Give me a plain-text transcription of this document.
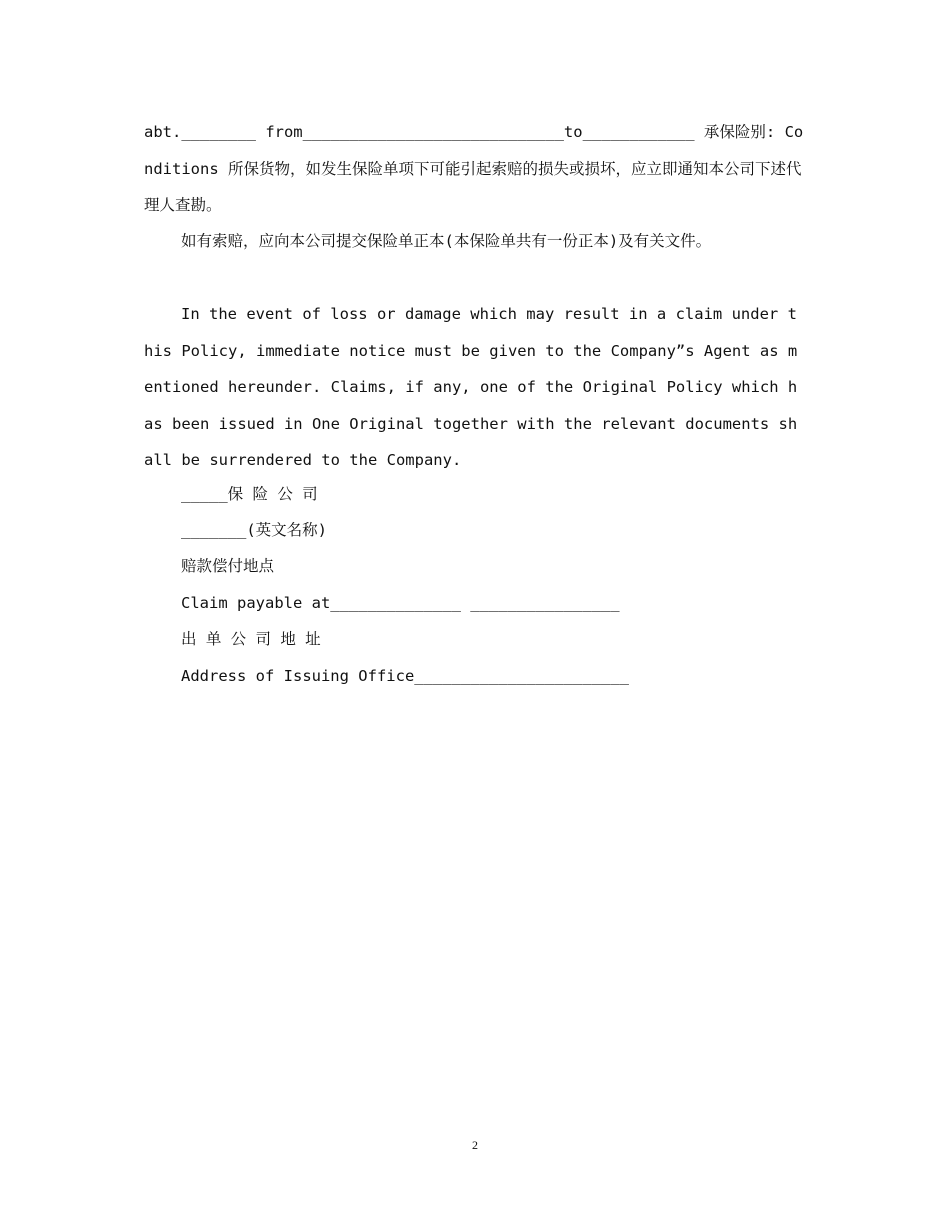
abt.________ from____________________________to____________ 承保险别: Conditions 所保货物，如发生保险单项下可能引起索赔的损失或损坏，应立即通知本公司下述代理人查勘。

如有索赔，应向本公司提交保险单正本(本保险单共有一份正本)及有关文件。

In the event of loss or damage which may result in a claim under this Policy, immediate notice must be given to the Company”s Agent as mentioned hereunder. Claims, if any, one of the Original Policy which has been issued in One Original together with the relevant documents shall be surrendered to the Company.

_____保 险 公 司

_______(英文名称)

赔款偿付地点

Claim payable at______________ ________________

出 单 公 司 地 址

Address of Issuing Office_______________________

2
